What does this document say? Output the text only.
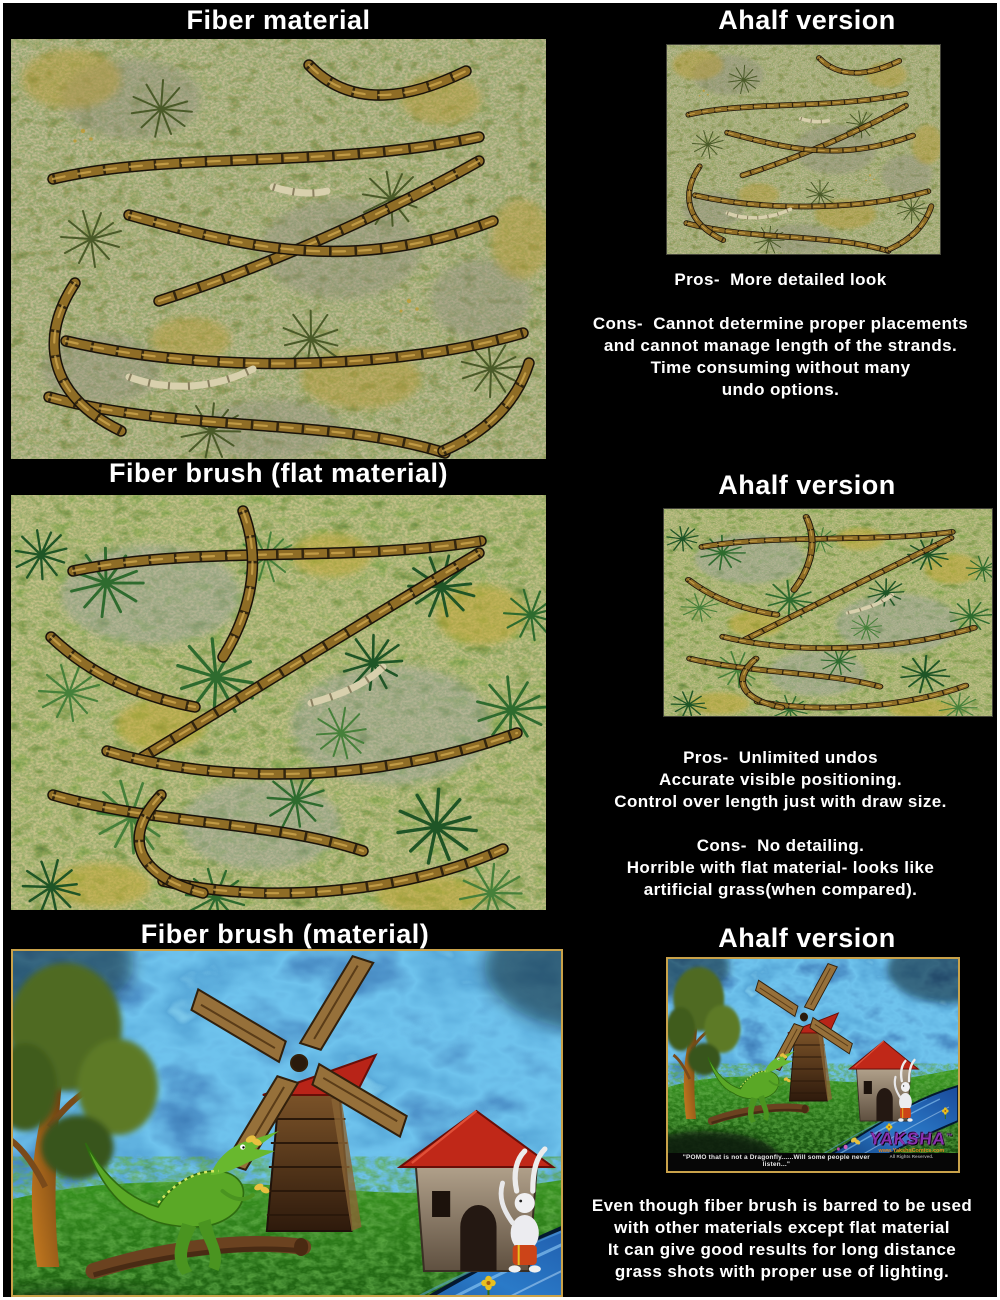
Fiber material	Ahalf version
Pros-  More detailed look
Cons-  Cannot determine proper placements
and cannot manage length of the strands.
Time consuming without many
undo options.
Fiber brush (flat material)	Ahalf version
Pros-  Unlimited undos
Accurate visible positioning.
Control over length just with draw size.
Cons-  No detailing.
Horrible with flat material- looks like
artificial grass(when compared).
Fiber brush (material)	Ahalf version
"POMO that is not a Dragonfly......Will some people never listen..."
YAKSHA™
www.YakshaComics.com
All Rights Reserved.
Even though fiber brush is barred to be used
with other materials except flat material
It can give good results for long distance
grass shots with proper use of lighting.
